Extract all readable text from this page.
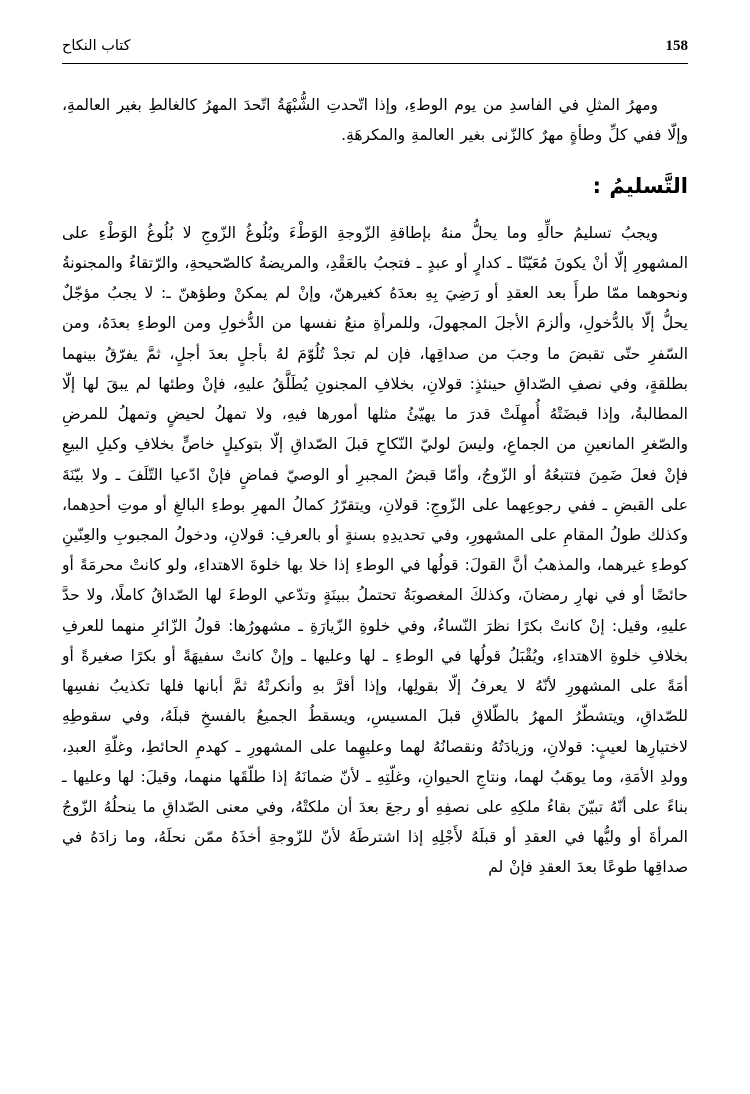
كتاب النكاح	158

ومهرُ المثلِ في الفاسدِ من يوم الوطءِ، وإذا اتّحدتِ الشُّبْهَةُ اتّحدَ المهرُ كالغالطِ بغير العالمةِ، وإلّا ففي كلِّ وطأةٍ مهرٌ كالزّنى بغير العالمةِ والمكرهَةِ.

التَّسليمُ :

ويجبُ تسليمُ حالِّهِ وما يحلُّ منهُ بإطاقةِ الزّوجةِ الوَطْءَ وبُلُوغُ الزّوجِ لا بُلُوغُ الوَطْءِ على المشهورِ إلّا أنْ يكونَ مُعَيّنًا ـ كدارٍ أو عبدٍ ـ فتجبُ بالعَقْدِ، والمريضةُ كالصّحيحةِ، والرّتقاءُ والمجنونةُ ونحوهما ممّا طرأَ بعد العقدِ أو رَضِيَ بِهِ بعدَهُ كغيرهنّ، وإنْ لم يمكنْ وطؤهنّ ـ: لا يجبُ مؤجّلٌ يحلُّ إلّا بالدُّخولِ، وألزمَ الأجلَ المجهولَ، وللمرأةِ منعُ نفسها من الدُّخولِ ومن الوطءِ بعدَهُ، ومن السّفرِ حتّى تقبضَ ما وجبَ من صداقِها، فإن لم تجدْ تُلُوّمَ لهُ بأجلٍ بعدَ أجلٍ، ثمَّ يفرّقُ بينهما بطلقةٍ، وفي نصفِ الصّداقِ حينئذٍ: قولانِ، بخلافِ المجنونِ يُطَلَّقُ عليهِ، فإنْ وطئها لم يبقَ لها إلّا المطالبةُ، وإذا قبضَتْهُ أُمهِلَتْ قدرَ ما يهيّئُ مثلها أمورها فيهِ، ولا تمهلُ لحيضٍ وتمهلُ للمرضِ والصّغرِ المانعينِ من الجماعِ، وليسَ لوليّ النّكاحِ قبلَ الصّداقِ إلّا بتوكيلٍ خاصٍّ بخلافِ وكيلِ البيعِ فإنْ فعلَ ضَمِنَ فتتبعُهُ أو الزّوجُ، وأمّا قبضُ المجبرِ أو الوصيّ فماضٍ فإنْ ادّعيا التّلَفَ ـ ولا بيّنَةَ على القبضِ ـ ففي رجوعِهما على الزّوجِ: قولانِ، ويتقرّرُ كمالُ المهرِ بوطءِ البالغِ أو موتِ أحدِهما، وكذلك طولُ المقامِ على المشهورِ، وفي تحديدِهِ بسنةٍ أو بالعرفِ: قولانِ، ودخولُ المجبوبِ والعِنّينِ كوطءِ غيرهما، والمذهبُ أنَّ القولَ: قولُها في الوطءِ إذا خلا بها خلوةَ الاهتداءِ، ولو كانتْ محرمَةً أو حائضًا أو في نهارِ رمضانَ، وكذلكَ المغصوبَةُ تحتملُ ببينَةٍ وتدّعي الوطءَ لها الصّداقُ كاملًا، ولا حدَّ عليهِ، وقيل: إنْ كانتْ بكرًا نظرَ النّساءُ، وفي خلوةِ الزّيارَةِ ـ مشهورُها: قولُ الزّائرِ منهما للعرفِ بخلافِ خلوةِ الاهتداءِ، ويُقْبَلُ قولُها في الوطءِ ـ لها وعليها ـ وإنْ كانتْ سفيهَةً أو بكرًا صغيرةً أو أمَةً على المشهورِ لأنّهُ لا يعرفُ إلّا بقولِها، وإذا أقرَّ بهِ وأنكرتْهُ ثمَّ أبانها فلها تكذيبُ نفسِها للصّداقِ، ويتشطّرُ المهرُ بالطّلاقِ قبلَ المسيسِ، ويسقطُ الجميعُ بالفسخِ قبلَهُ، وفي سقوطِهِ لاختيارِها لعيبٍ: قولانِ، وزيادَتُهُ ونقصانُهُ لهما وعليهِما على المشهورِ ـ كهدمِ الحائطِ، وغلّةِ العبدِ، وولدِ الأمَةِ، وما يوهَبُ لهما، ونتاجِ الحيوانِ، وغلّتِهِ ـ لأنّ ضمانَهُ إذا طلّقَها منهما، وقيلَ: لها وعليها ـ بناءً على أنّهُ تبيّنَ بقاءُ ملكِهِ على نصفِهِ أو رجعَ بعدَ أن ملكتْهُ، وفي معنى الصّداقِ ما ينحلُهُ الزّوجُ المرأةَ أو وليُّها في العقدِ أو قبلَهُ لأَجْلِهِ إذا اشترطَهُ لأنّ للزّوجةِ أخذَهُ ممّن نحلَهُ، وما زادَهُ في صداقِها طوعًا بعدَ العقدِ فإنْ لم
